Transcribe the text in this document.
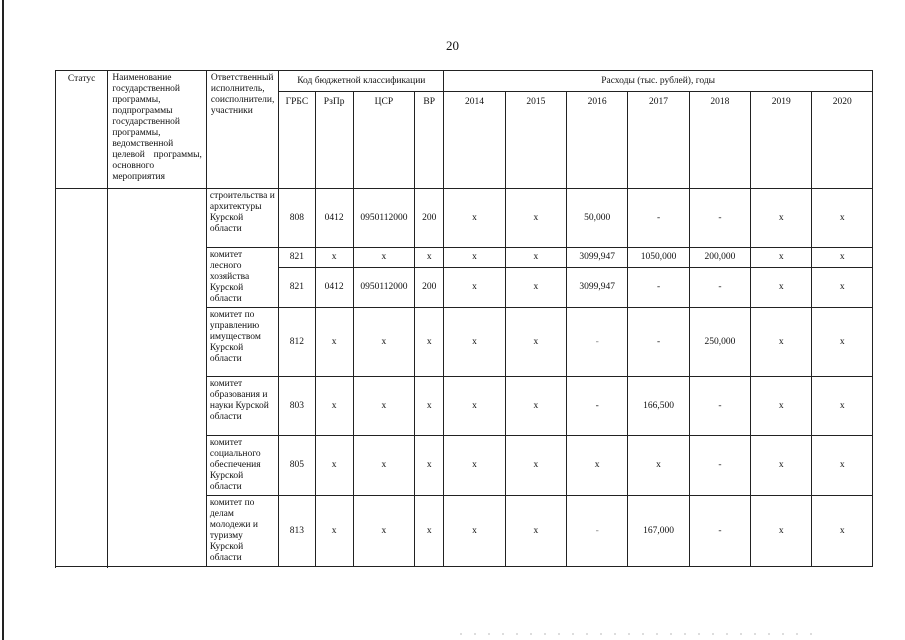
20
Статус	Наименование государственной программы, подпрограммы государственной программы, ведомственной целевой программы, основного мероприятия	Ответственный исполнитель, соисполнители, участники	Код бюджетной классификации				Расходы (тыс. рублей), годы						
			ГРБС	РзПр	ЦСР	ВР	2014	2015	2016	2017	2018	2019	2020
		строительства и архитектуры Курской области	808	0412	0950112000	200	x	x	50,000	-	-	x	x
		комитет лесного хозяйства Курской области	821	x	x	x	x	x	3099,947	1050,000	200,000	x	x
			821	0412	0950112000	200	x	x	3099,947	-	-	x	x
		комитет по управлению имуществом Курской области	812	x	x	x	x	x	-	-	250,000	x	x
		комитет образования и науки Курской области	803	x	x	x	x	x	-	166,500	-	x	x
		комитет социального обеспечения Курской области	805	x	x	x	x	x	x	x	-	x	x
		комитет по делам молодежи и туризму Курской области	813	x	x	x	x	x	-	167,000	-	x	x
